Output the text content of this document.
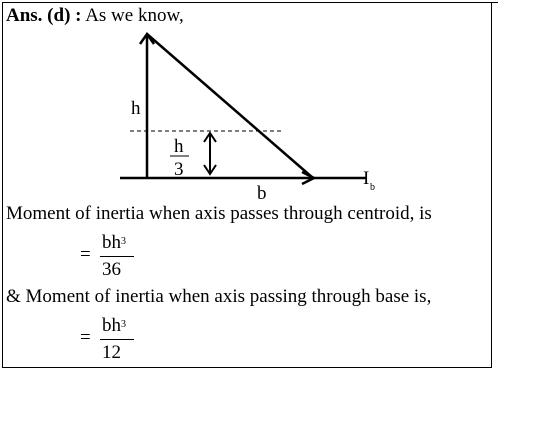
Ans. (d) : As we know,
h
h
3
b
I b
Moment of inertia when axis passes through centroid, is
=
$bh^3$
36
& Moment of inertia when axis passing through base is,
=
$bh^3$
12
